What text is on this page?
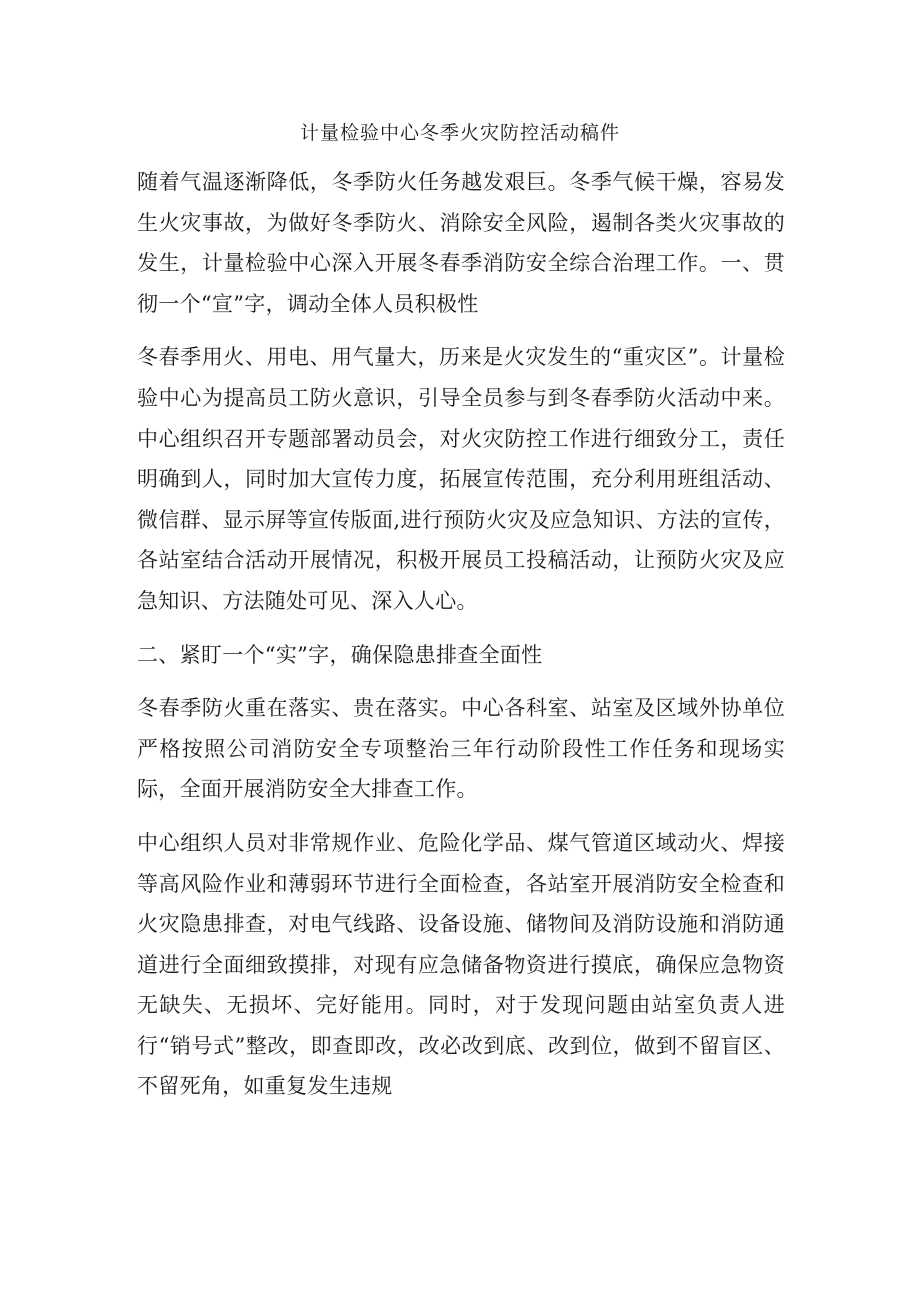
计量检验中心冬季火灾防控活动稿件

随着气温逐渐降低，冬季防火任务越发艰巨。冬季气候干燥，容易发生火灾事故，为做好冬季防火、消除安全风险，遏制各类火灾事故的发生，计量检验中心深入开展冬春季消防安全综合治理工作。一、贯彻一个“宣”字，调动全体人员积极性

冬春季用火、用电、用气量大，历来是火灾发生的“重灾区”。计量检验中心为提高员工防火意识，引导全员参与到冬春季防火活动中来。中心组织召开专题部署动员会，对火灾防控工作进行细致分工，责任明确到人，同时加大宣传力度，拓展宣传范围，充分利用班组活动、微信群、显示屏等宣传版面,进行预防火灾及应急知识、方法的宣传，各站室结合活动开展情况，积极开展员工投稿活动，让预防火灾及应急知识、方法随处可见、深入人心。

二、紧盯一个“实”字，确保隐患排查全面性

冬春季防火重在落实、贵在落实。中心各科室、站室及区域外协单位严格按照公司消防安全专项整治三年行动阶段性工作任务和现场实际，全面开展消防安全大排查工作。

中心组织人员对非常规作业、危险化学品、煤气管道区域动火、焊接等高风险作业和薄弱环节进行全面检查，各站室开展消防安全检查和火灾隐患排查，对电气线路、设备设施、储物间及消防设施和消防通道进行全面细致摸排，对现有应急储备物资进行摸底，确保应急物资无缺失、无损坏、完好能用。同时，对于发现问题由站室负责人进行“销号式”整改，即查即改，改必改到底、改到位，做到不留盲区、不留死角，如重复发生违规
